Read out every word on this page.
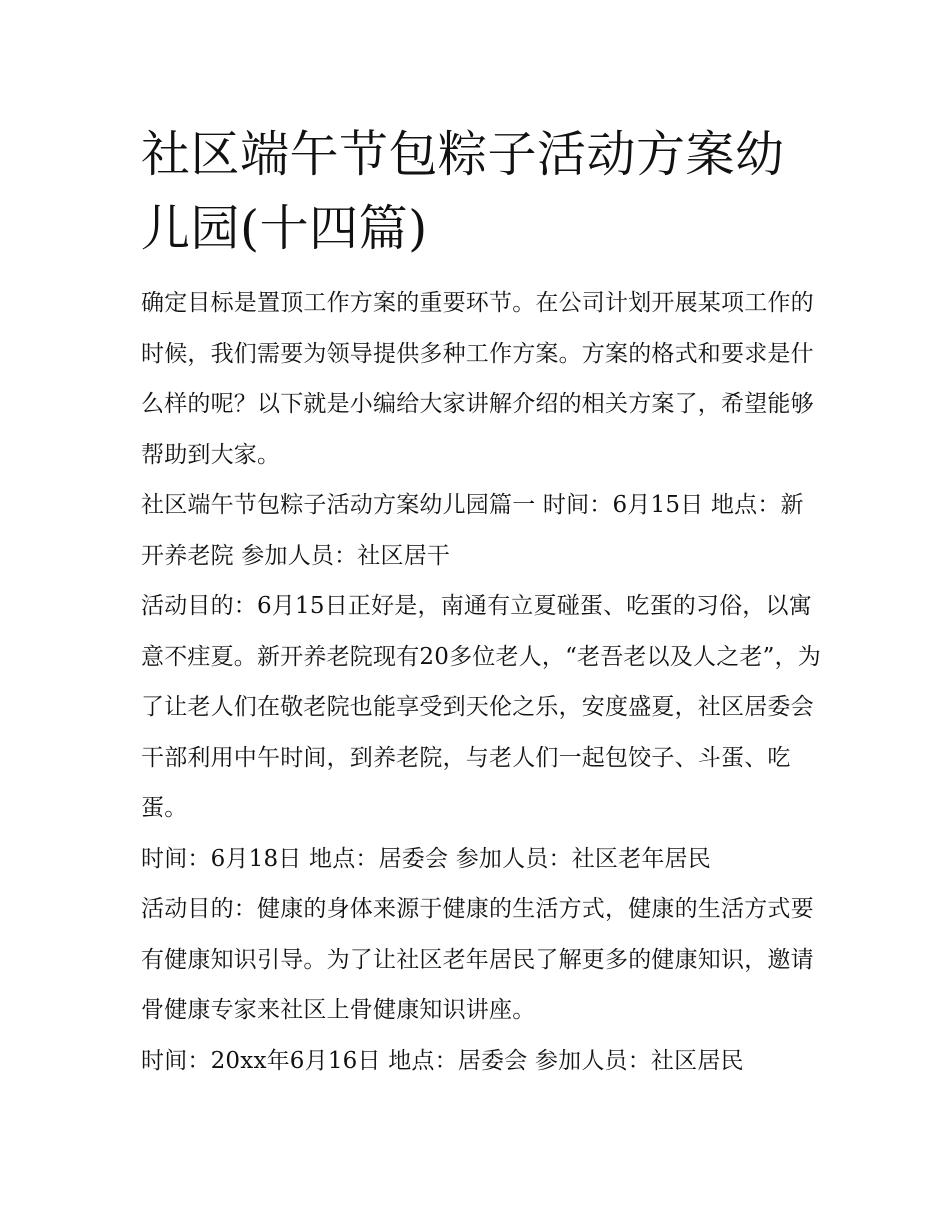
社区端午节包粽子活动方案幼儿园(十四篇)

确定目标是置顶工作方案的重要环节。在公司计划开展某项工作的时候，我们需要为领导提供多种工作方案。方案的格式和要求是什么样的呢？以下就是小编给大家讲解介绍的相关方案了，希望能够帮助到大家。

社区端午节包粽子活动方案幼儿园篇一 时间：6月15日 地点：新开养老院 参加人员：社区居干

活动目的：6月15日正好是，南通有立夏碰蛋、吃蛋的习俗，以寓意不疰夏。新开养老院现有20多位老人，“老吾老以及人之老”，为了让老人们在敬老院也能享受到天伦之乐，安度盛夏，社区居委会干部利用中午时间，到养老院，与老人们一起包饺子、斗蛋、吃蛋。

时间：6月18日 地点：居委会 参加人员：社区老年居民

活动目的：健康的身体来源于健康的生活方式，健康的生活方式要有健康知识引导。为了让社区老年居民了解更多的健康知识，邀请骨健康专家来社区上骨健康知识讲座。

时间：20xx年6月16日 地点：居委会 参加人员：社区居民
